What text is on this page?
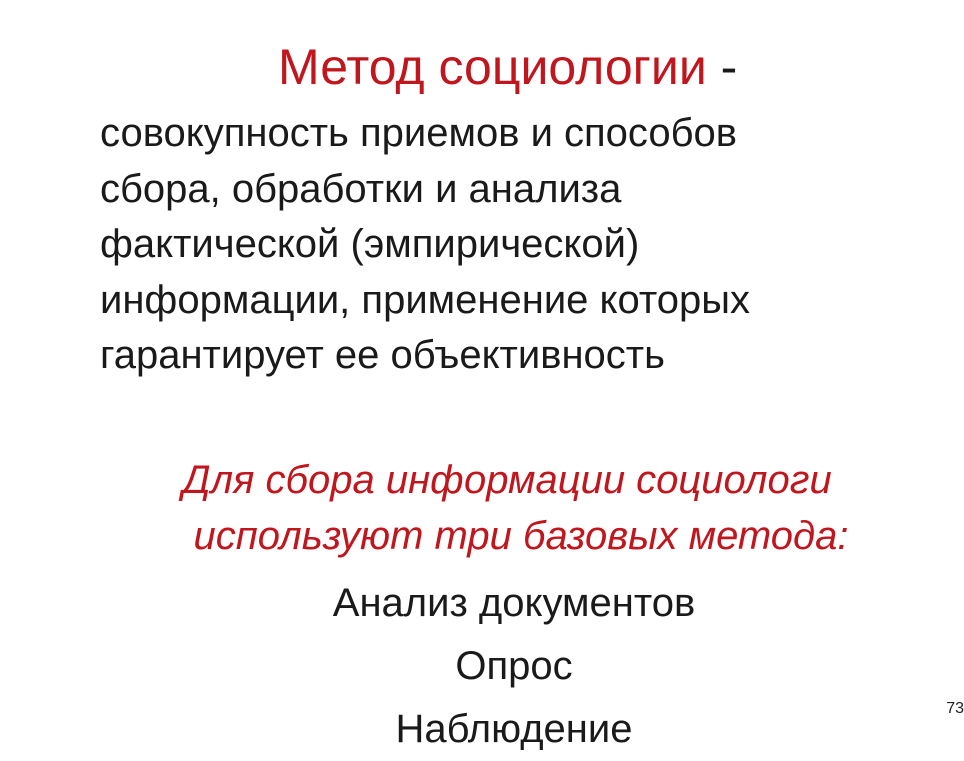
Метод социологии -

совокупность приемов и способов
сбора, обработки и анализа
фактической (эмпирической)
информации, применение которых
гарантирует ее объективность

Для сбора информации социологи
используют три базовых метода:
Анализ документов
Опрос
Наблюдение	73
